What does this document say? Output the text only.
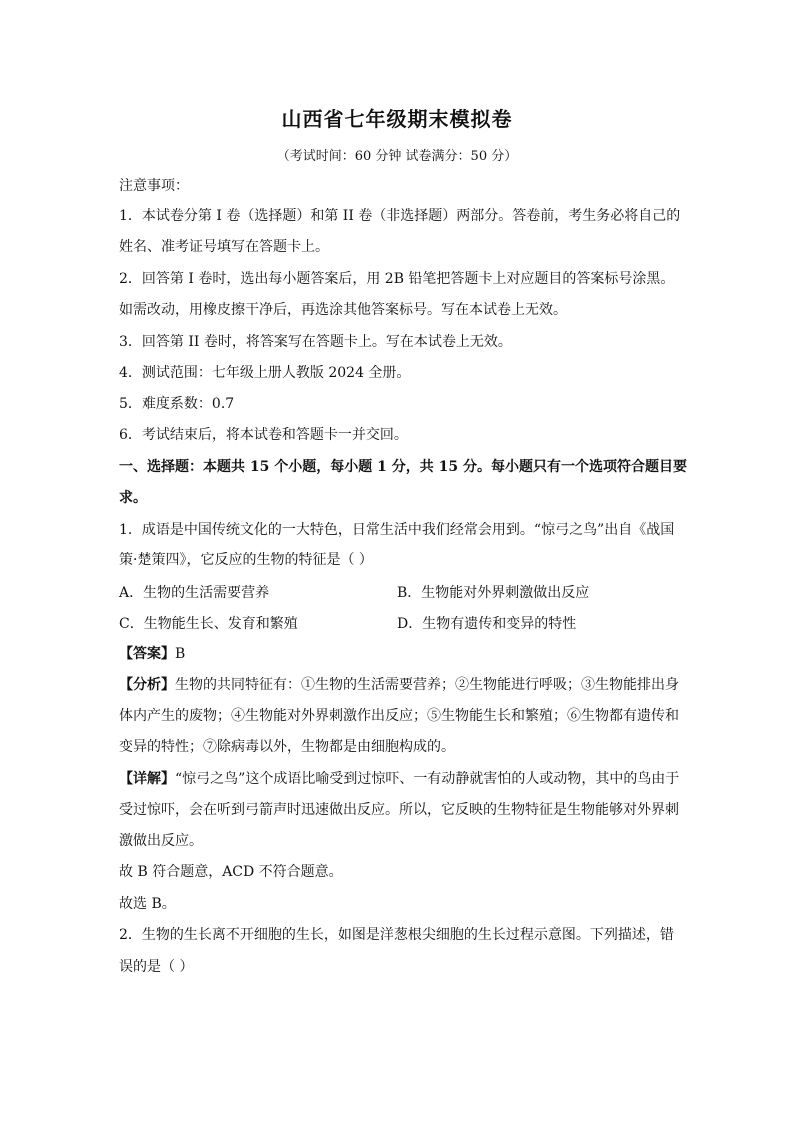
山西省七年级期末模拟卷
（考试时间：60 分钟 试卷满分：50 分）
注意事项：
1．本试卷分第 I 卷（选择题）和第 II 卷（非选择题）两部分。答卷前，考生务必将自己的
姓名、准考证号填写在答题卡上。
2．回答第 I 卷时，选出每小题答案后，用 2B 铅笔把答题卡上对应题目的答案标号涂黑。
如需改动，用橡皮擦干净后，再选涂其他答案标号。写在本试卷上无效。
3．回答第 II 卷时，将答案写在答题卡上。写在本试卷上无效。
4．测试范围：七年级上册人教版 2024 全册。
5．难度系数：0.7
6．考试结束后，将本试卷和答题卡一并交回。
一、选择题：本题共 15 个小题，每小题 1 分，共 15 分。每小题只有一个选项符合题目要
求。
1．成语是中国传统文化的一大特色，日常生活中我们经常会用到。“惊弓之鸟”出自《战国
策·楚策四》，它反应的生物的特征是（ ）
A．生物的生活需要营养	B．生物能对外界刺激做出反应
C．生物能生长、发育和繁殖	D．生物有遗传和变异的特性
【答案】B
【分析】生物的共同特征有：①生物的生活需要营养；②生物能进行呼吸；③生物能排出身
体内产生的废物；④生物能对外界刺激作出反应；⑤生物能生长和繁殖；⑥生物都有遗传和
变异的特性；⑦除病毒以外，生物都是由细胞构成的。
【详解】“惊弓之鸟”这个成语比喻受到过惊吓、一有动静就害怕的人或动物，其中的鸟由于
受过惊吓，会在听到弓箭声时迅速做出反应。所以，它反映的生物特征是生物能够对外界刺
激做出反应。
故 B 符合题意，ACD 不符合题意。
故选 B。
2．生物的生长离不开细胞的生长，如图是洋葱根尖细胞的生长过程示意图。下列描述，错
误的是（ ）
